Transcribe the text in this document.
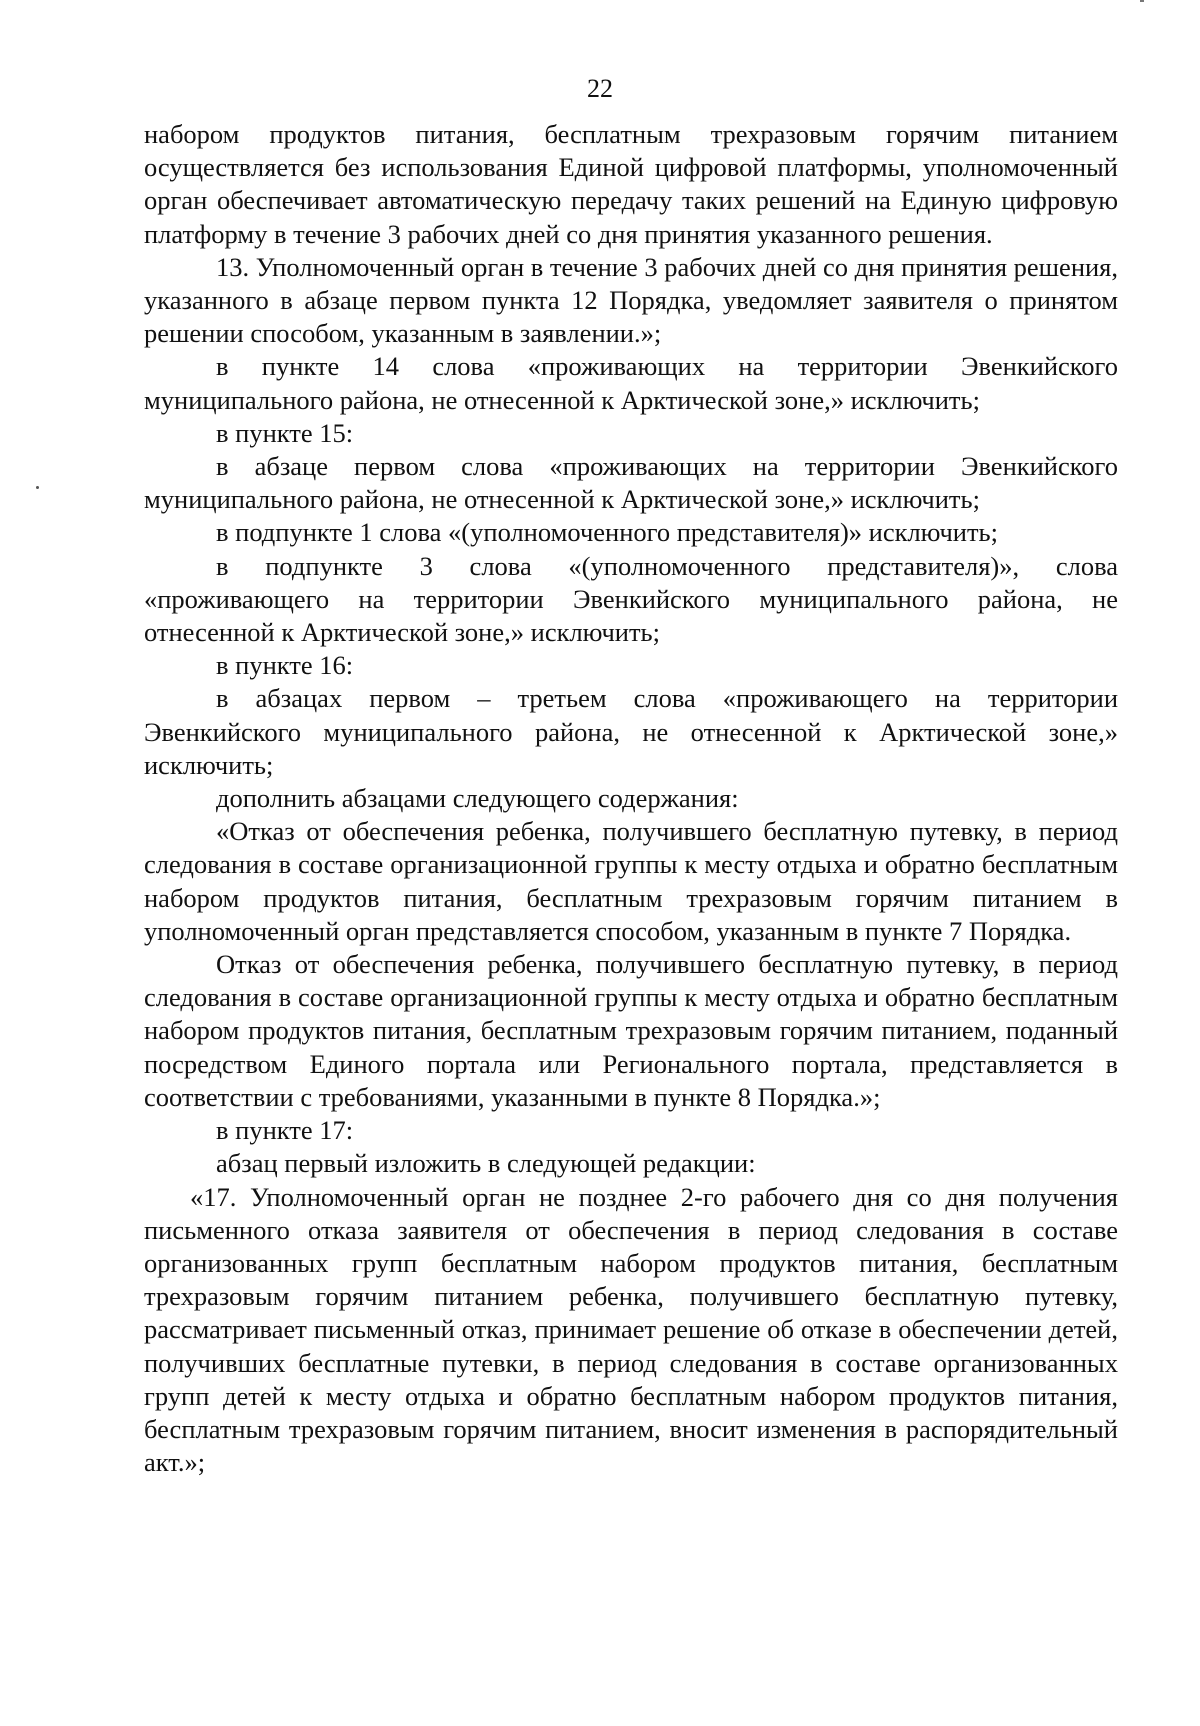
22

набором продуктов питания, бесплатным трехразовым горячим питанием осуществляется без использования Единой цифровой платформы, уполномоченный орган обеспечивает автоматическую передачу таких решений на Единую цифровую платформу в течение 3 рабочих дней со дня принятия указанного решения.

13. Уполномоченный орган в течение 3 рабочих дней со дня принятия решения, указанного в абзаце первом пункта 12 Порядка, уведомляет заявителя о принятом решении способом, указанным в заявлении.»;

в пункте 14 слова «проживающих на территории Эвенкийского муниципального района, не отнесенной к Арктической зоне,» исключить;

в пункте 15:

в абзаце первом слова «проживающих на территории Эвенкийского муниципального района, не отнесенной к Арктической зоне,» исключить;

в подпункте 1 слова «(уполномоченного представителя)» исключить;

в подпункте 3 слова «(уполномоченного представителя)», слова «проживающего на территории Эвенкийского муниципального района, не отнесенной к Арктической зоне,» исключить;

в пункте 16:

в абзацах первом – третьем слова «проживающего на территории Эвенкийского муниципального района, не отнесенной к Арктической зоне,» исключить;

дополнить абзацами следующего содержания:

«Отказ от обеспечения ребенка, получившего бесплатную путевку, в период следования в составе организационной группы к месту отдыха и обратно бесплатным набором продуктов питания, бесплатным трехразовым горячим питанием в уполномоченный орган представляется способом, указанным в пункте 7 Порядка.

Отказ от обеспечения ребенка, получившего бесплатную путевку, в период следования в составе организационной группы к месту отдыха и обратно бесплатным набором продуктов питания, бесплатным трехразовым горячим питанием, поданный посредством Единого портала или Регионального портала, представляется в соответствии с требованиями, указанными в пункте 8 Порядка.»;

в пункте 17:

абзац первый изложить в следующей редакции:

«17. Уполномоченный орган не позднее 2-го рабочего дня со дня получения письменного отказа заявителя от обеспечения в период следования в составе организованных групп бесплатным набором продуктов питания, бесплатным трехразовым горячим питанием ребенка, получившего бесплатную путевку, рассматривает письменный отказ, принимает решение об отказе в обеспечении детей, получивших бесплатные путевки, в период следования в составе организованных групп детей к месту отдыха и обратно бесплатным набором продуктов питания, бесплатным трехразовым горячим питанием, вносит изменения в распорядительный акт.»;
